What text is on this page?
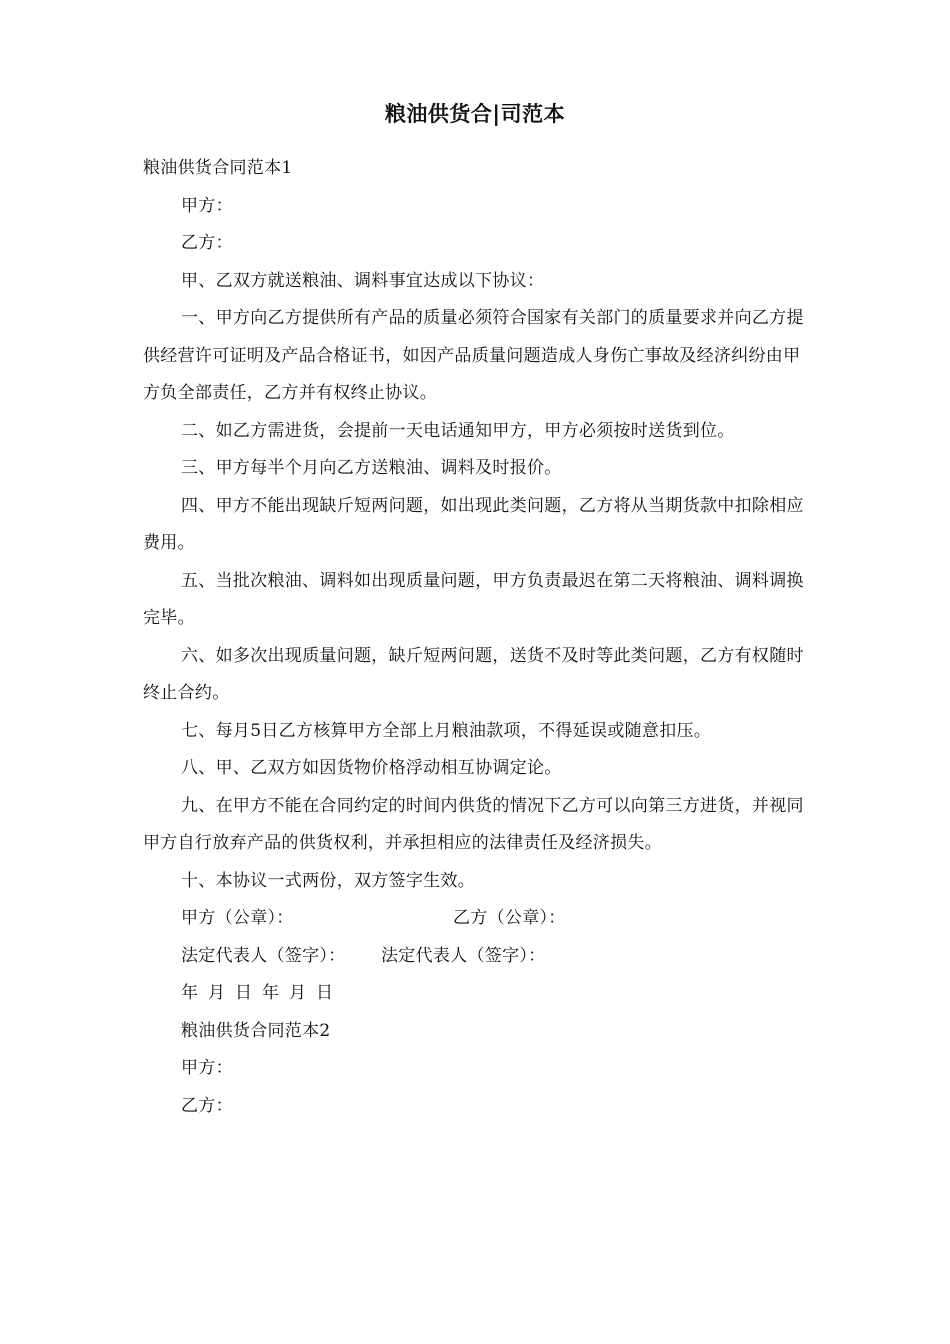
粮油供货合|司范本

粮油供货合同范本1

甲方：

乙方：

甲、乙双方就送粮油、调料事宜达成以下协议：

一、甲方向乙方提供所有产品的质量必须符合国家有关部门的质量要求并向乙方提供经营许可证明及产品合格证书，如因产品质量问题造成人身伤亡事故及经济纠纷由甲方负全部责任，乙方并有权终止协议。

二、如乙方需进货，会提前一天电话通知甲方，甲方必须按时送货到位。

三、甲方每半个月向乙方送粮油、调料及时报价。

四、甲方不能出现缺斤短两问题，如出现此类问题，乙方将从当期货款中扣除相应费用。

五、当批次粮油、调料如出现质量问题，甲方负责最迟在第二天将粮油、调料调换完毕。

六、如多次出现质量问题，缺斤短两问题，送货不及时等此类问题，乙方有权随时终止合约。

七、每月5日乙方核算甲方全部上月粮油款项，不得延误或随意扣压。

八、甲、乙双方如因货物价格浮动相互协调定论。

九、在甲方不能在合同约定的时间内供货的情况下乙方可以向第三方进货，并视同甲方自行放弃产品的供货权利，并承担相应的法律责任及经济损失。

十、本协议一式两份，双方签字生效。

甲方（公章）：	乙方（公章）：
法定代表人（签字）： 法定代表人（签字）：

年 月 日 年 月 日

粮油供货合同范本2

甲方：

乙方：
